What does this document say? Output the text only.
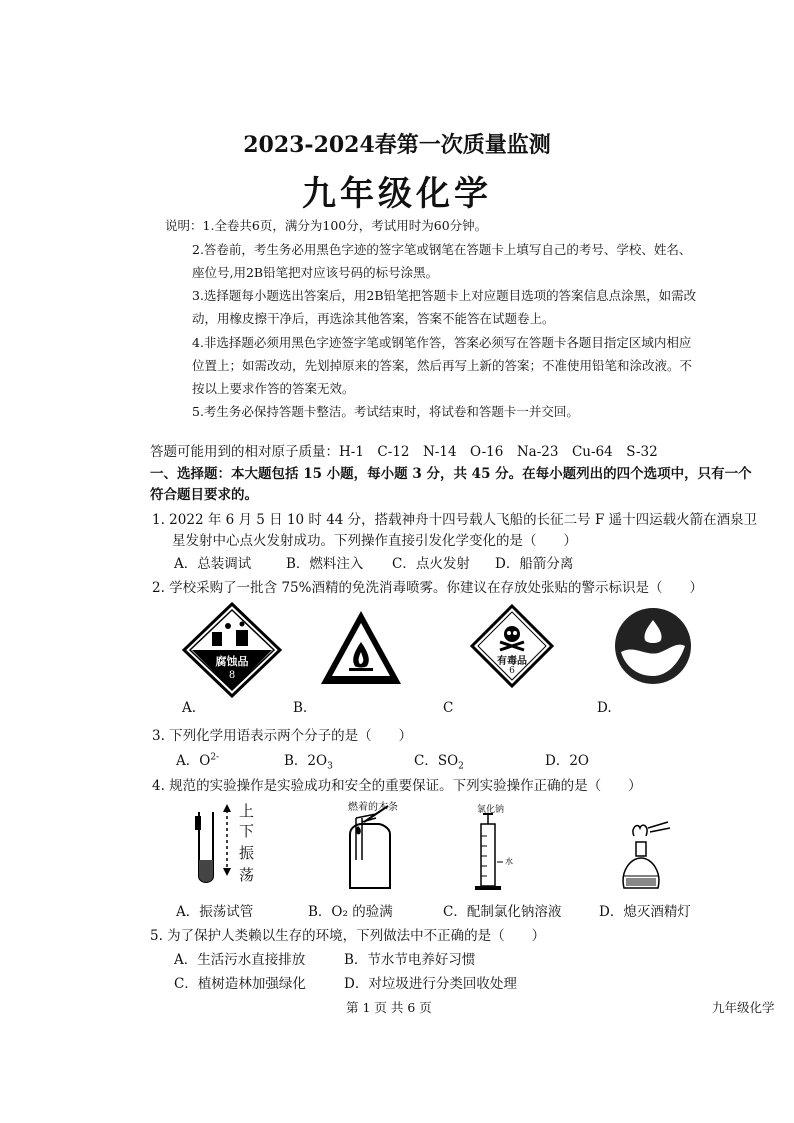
2023-2024春第一次质量监测
九年级化学
说明：1.全卷共6页，满分为100分，考试用时为60分钟。
2.答卷前，考生务必用黑色字迹的签字笔或钢笔在答题卡上填写自己的考号、学校、姓名、
座位号,用2B铅笔把对应该号码的标号涂黑。
3.选择题每小题选出答案后，用2B铅笔把答题卡上对应题目选项的答案信息点涂黑，如需改
动，用橡皮擦干净后，再选涂其他答案，答案不能答在试题卷上。
4.非选择题必须用黑色字迹签字笔或钢笔作答，答案必须写在答题卡各题目指定区域内相应
位置上；如需改动，先划掉原来的答案，然后再写上新的答案；不准使用铅笔和涂改液。不
按以上要求作答的答案无效。
5.考生务必保持答题卡整洁。考试结束时，将试卷和答题卡一并交回。
答题可能用到的相对原子质量：H-1　C-12　N-14　O-16　Na-23　Cu-64　S-32
一、选择题：本大题包括 15 小题，每小题 3 分，共 45 分。在每小题列出的四个选项中，只有一个
符合题目要求的。
1. 2022 年 6 月 5 日 10 时 44 分，搭载神舟十四号载人飞船的长征二号 F 遥十四运载火箭在酒泉卫
星发射中心点火发射成功。下列操作直接引发化学变化的是（　　）
A．总装调试	B．燃料注入 C．点火发射 D．船箭分离
2. 学校采购了一批含 75%酒精的免洗消毒喷雾。你建议在存放处张贴的警示标识是（　　）
腐蚀品
8
有毒品
6
A.	B.	C	D.
3. 下列化学用语表示两个分子的是（　　）
A．$O^{2-}$	B．$2O_3$	C．$SO_2$	D．2O
4. 规范的实验操作是实验成功和安全的重要保证。下列实验操作正确的是（　　）
上
下
振
荡
燃着的木条
水
氯化钠
A．振荡试管	B．O₂ 的验满	C．配制氯化钠溶液	D．熄灭酒精灯
5. 为了保护人类赖以生存的环境，下列做法中不正确的是（　　）
A．生活污水直接排放	B．节水节电养好习惯
C．植树造林加强绿化	D．对垃圾进行分类回收处理
第 1 页 共 6 页	九年级化学
